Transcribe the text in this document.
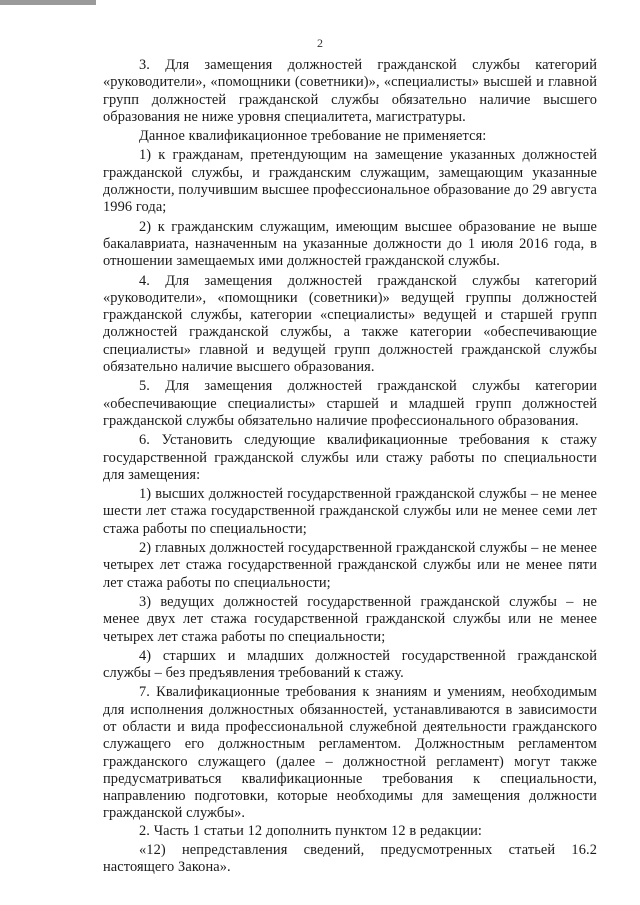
2

3. Для замещения должностей гражданской службы категорий «руководители», «помощники (советники)», «специалисты» высшей и главной групп должностей гражданской службы обязательно наличие высшего образования не ниже уровня специалитета, магистратуры.

Данное квалификационное требование не применяется:

1) к гражданам, претендующим на замещение указанных должностей гражданской службы, и гражданским служащим, замещающим указанные должности, получившим высшее профессиональное образование до 29 августа 1996 года;

2) к гражданским служащим, имеющим высшее образование не выше бакалавриата, назначенным на указанные должности до 1 июля 2016 года, в отношении замещаемых ими должностей гражданской службы.

4. Для замещения должностей гражданской службы категорий «руководители», «помощники (советники)» ведущей группы должностей гражданской службы, категории «специалисты» ведущей и старшей групп должностей гражданской службы, а также категории «обеспечивающие специалисты» главной и ведущей групп должностей гражданской службы обязательно наличие высшего образования.

5. Для замещения должностей гражданской службы категории «обеспечивающие специалисты» старшей и младшей групп должностей гражданской службы обязательно наличие профессионального образования.

6. Установить следующие квалификационные требования к стажу государственной гражданской службы или стажу работы по специальности для замещения:

1) высших должностей государственной гражданской службы – не менее шести лет стажа государственной гражданской службы или не менее семи лет стажа работы по специальности;

2) главных должностей государственной гражданской службы – не менее четырех лет стажа государственной гражданской службы или не менее пяти лет стажа работы по специальности;

3) ведущих должностей государственной гражданской службы – не менее двух лет стажа государственной гражданской службы или не менее четырех лет стажа работы по специальности;

4) старших и младших должностей государственной гражданской службы – без предъявления требований к стажу.

7. Квалификационные требования к знаниям и умениям, необходимым для исполнения должностных обязанностей, устанавливаются в зависимости от области и вида профессиональной служебной деятельности гражданского служащего его должностным регламентом. Должностным регламентом гражданского служащего (далее – должностной регламент) могут также предусматриваться квалификационные требования к специальности, направлению подготовки, которые необходимы для замещения должности гражданской службы».

2. Часть 1 статьи 12 дополнить пунктом 12 в редакции:

«12) непредставления сведений, предусмотренных статьей 16.2 настоящего Закона».
